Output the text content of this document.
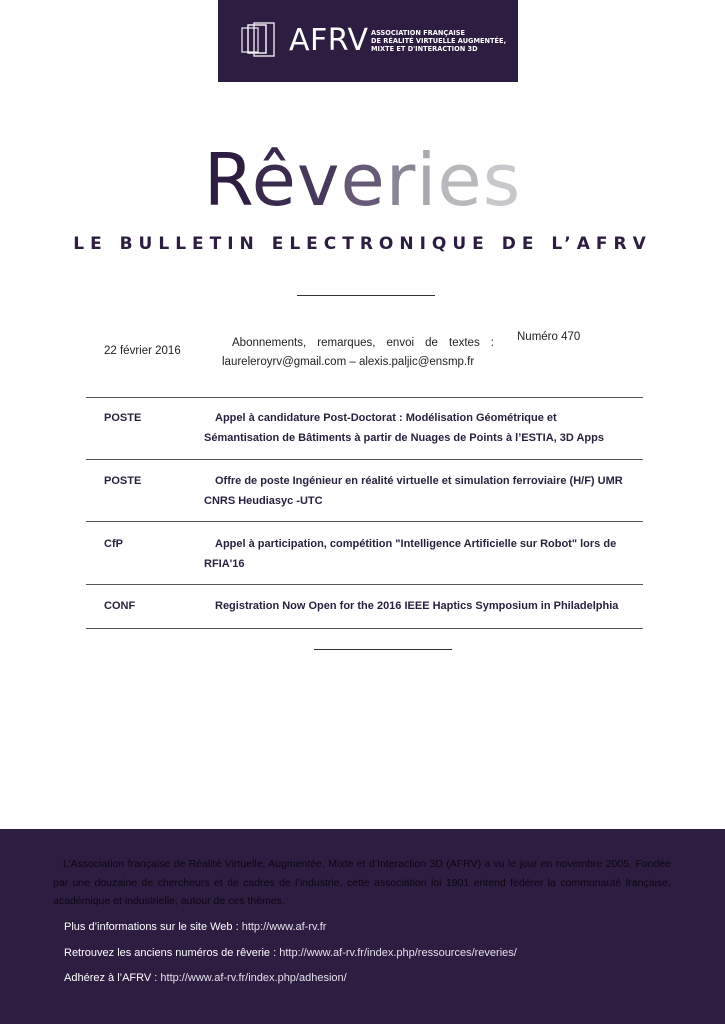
AFRV ASSOCIATION FRANÇAISE
DE RÉALITÉ VIRTUELLE AUGMENTÉE,
MIXTE ET D'INTERACTION 3D
Rêveries
LE BULLETIN ELECTRONIQUE DE L’AFRV
22 février 2016
Abonnements, remarques, envoi de textes :
laureleroyrv@gmail.com – alexis.paljic@ensmp.fr
Numéro 470
POSTE	Appel à candidature Post-Doctorat : Modélisation Géométrique et Sémantisation de Bâtiments à partir de Nuages de Points à l’ESTIA, 3D Apps
POSTE	Offre de poste Ingénieur en réalité virtuelle et simulation ferroviaire (H/F) UMR CNRS Heudiasyc -UTC
CfP	Appel à participation, compétition "Intelligence Artificielle sur Robot" lors de RFIA'16
CONF	Registration Now Open for the 2016 IEEE Haptics Symposium in Philadelphia
L’Association française de Réalité Virtuelle, Augmentée, Mixte et d’Interaction 3D (AFRV) a vu le jour en novembre 2005. Fondée par une douzaine de chercheurs et de cadres de l’industrie, cette association loi 1901 entend fédérer la communauté française, académique et industrielle, autour de ces thèmes.
Plus d’informations sur le site Web : http://www.af-rv.fr
Retrouvez les anciens numéros de rêverie : http://www.af-rv.fr/index.php/ressources/reveries/
Adhérez à l’AFRV : http://www.af-rv.fr/index.php/adhesion/
